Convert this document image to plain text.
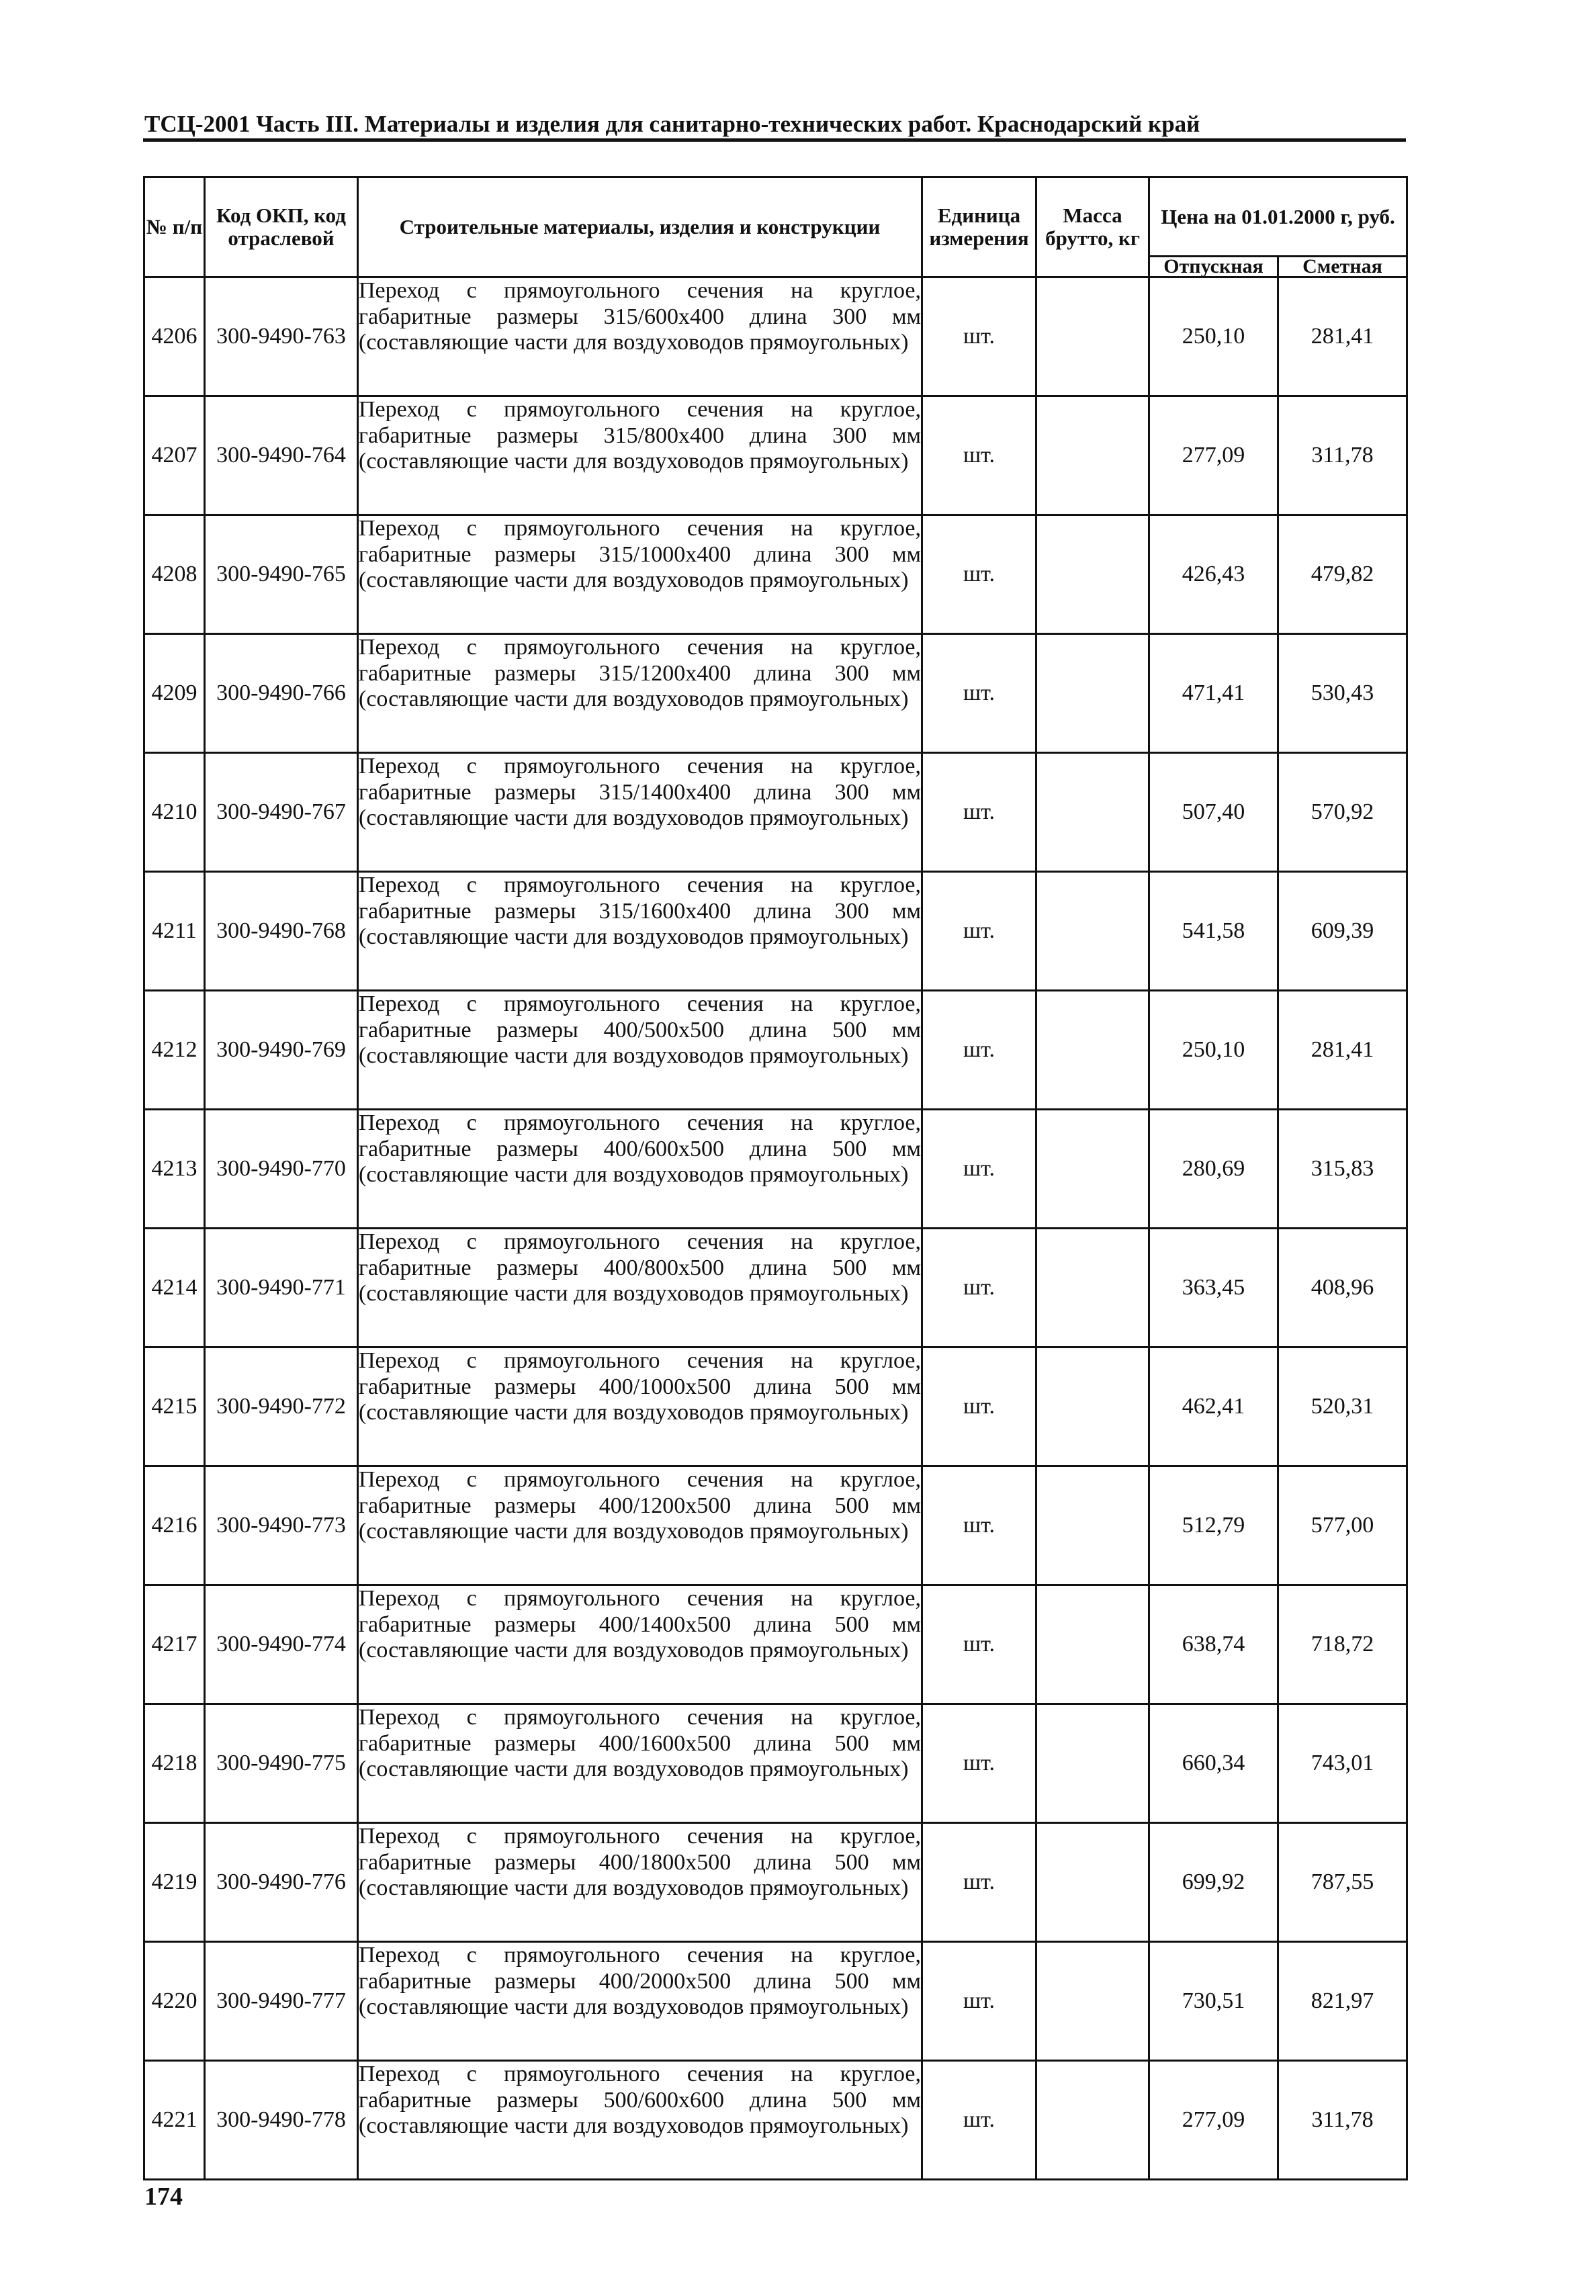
ТСЦ-2001 Часть III. Материалы и изделия для санитарно-технических работ. Краснодарский край
№ п/п	Код ОКП, код отраслевой	Строительные материалы, изделия и конструкции	Единица измерения	Масса брутто, кг	Цена на 01.01.2000 г, руб.	
					Отпускная	Сметная
4206	300-9490-763	Переход с прямоугольного сечения на круглое, габаритные размеры 315/600х400 длина 300 мм (составляющие части для воздуховодов прямоугольных)	шт.		250,10	281,41
4207	300-9490-764	Переход с прямоугольного сечения на круглое, габаритные размеры 315/800х400 длина 300 мм (составляющие части для воздуховодов прямоугольных)	шт.		277,09	311,78
4208	300-9490-765	Переход с прямоугольного сечения на круглое, габаритные размеры 315/1000х400 длина 300 мм (составляющие части для воздуховодов прямоугольных)	шт.		426,43	479,82
4209	300-9490-766	Переход с прямоугольного сечения на круглое, габаритные размеры 315/1200х400 длина 300 мм (составляющие части для воздуховодов прямоугольных)	шт.		471,41	530,43
4210	300-9490-767	Переход с прямоугольного сечения на круглое, габаритные размеры 315/1400х400 длина 300 мм (составляющие части для воздуховодов прямоугольных)	шт.		507,40	570,92
4211	300-9490-768	Переход с прямоугольного сечения на круглое, габаритные размеры 315/1600х400 длина 300 мм (составляющие части для воздуховодов прямоугольных)	шт.		541,58	609,39
4212	300-9490-769	Переход с прямоугольного сечения на круглое, габаритные размеры 400/500х500 длина 500 мм (составляющие части для воздуховодов прямоугольных)	шт.		250,10	281,41
4213	300-9490-770	Переход с прямоугольного сечения на круглое, габаритные размеры 400/600х500 длина 500 мм (составляющие части для воздуховодов прямоугольных)	шт.		280,69	315,83
4214	300-9490-771	Переход с прямоугольного сечения на круглое, габаритные размеры 400/800х500 длина 500 мм (составляющие части для воздуховодов прямоугольных)	шт.		363,45	408,96
4215	300-9490-772	Переход с прямоугольного сечения на круглое, габаритные размеры 400/1000х500 длина 500 мм (составляющие части для воздуховодов прямоугольных)	шт.		462,41	520,31
4216	300-9490-773	Переход с прямоугольного сечения на круглое, габаритные размеры 400/1200х500 длина 500 мм (составляющие части для воздуховодов прямоугольных)	шт.		512,79	577,00
4217	300-9490-774	Переход с прямоугольного сечения на круглое, габаритные размеры 400/1400х500 длина 500 мм (составляющие части для воздуховодов прямоугольных)	шт.		638,74	718,72
4218	300-9490-775	Переход с прямоугольного сечения на круглое, габаритные размеры 400/1600х500 длина 500 мм (составляющие части для воздуховодов прямоугольных)	шт.		660,34	743,01
4219	300-9490-776	Переход с прямоугольного сечения на круглое, габаритные размеры 400/1800х500 длина 500 мм (составляющие части для воздуховодов прямоугольных)	шт.		699,92	787,55
4220	300-9490-777	Переход с прямоугольного сечения на круглое, габаритные размеры 400/2000х500 длина 500 мм (составляющие части для воздуховодов прямоугольных)	шт.		730,51	821,97
4221	300-9490-778	Переход с прямоугольного сечения на круглое, габаритные размеры 500/600х600 длина 500 мм (составляющие части для воздуховодов прямоугольных)	шт.		277,09	311,78
174
